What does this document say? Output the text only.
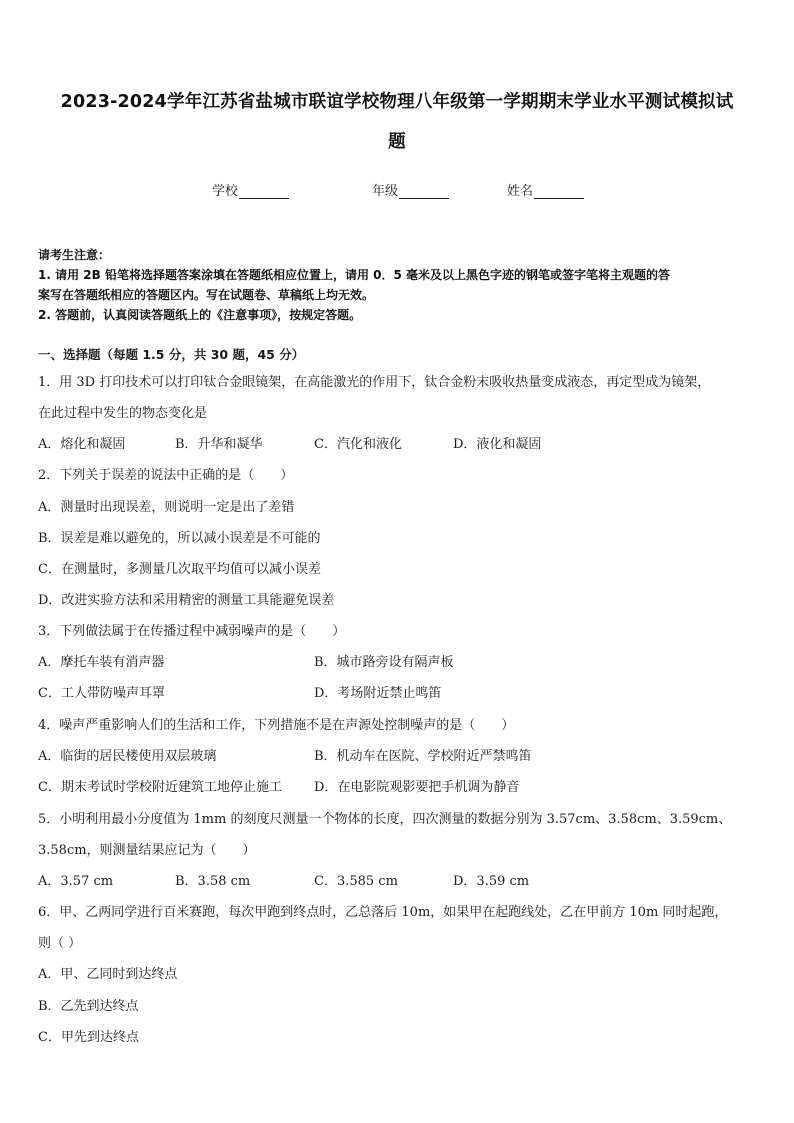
2023-2024学年江苏省盐城市联谊学校物理八年级第一学期期末学业水平测试模拟试
题
学校	年级	姓名
请考生注意：
1. 请用 2B 铅笔将选择题答案涂填在答题纸相应位置上，请用 0．5 毫米及以上黑色字迹的钢笔或签字笔将主观题的答
案写在答题纸相应的答题区内。写在试题卷、草稿纸上均无效。
2. 答题前，认真阅读答题纸上的《注意事项》，按规定答题。
一、选择题（每题 1.5 分，共 30 题，45 分）
1．用 3D 打印技术可以打印钛合金眼镜架，在高能激光的作用下，钛合金粉末吸收热量变成液态，再定型成为镜架，
在此过程中发生的物态变化是
A．熔化和凝固	B．升华和凝华	C．汽化和液化	D．液化和凝固
2．下列关于误差的说法中正确的是（　　）
A．测量时出现误差，则说明一定是出了差错
B．误差是难以避免的，所以减小误差是不可能的
C．在测量时，多测量几次取平均值可以减小误差
D．改进实验方法和采用精密的测量工具能避免误差
3．下列做法属于在传播过程中减弱噪声的是（　　）
A．摩托车装有消声器	B．城市路旁设有隔声板
C．工人带防噪声耳罩	D．考场附近禁止鸣笛
4．噪声严重影响人们的生活和工作，下列措施不是在声源处控制噪声的是（　　）
A．临街的居民楼使用双层玻璃	B．机动车在医院、学校附近严禁鸣笛
C．期末考试时学校附近建筑工地停止施工 D．在电影院观影要把手机调为静音
5．小明利用最小分度值为 1mm 的刻度尺测量一个物体的长度，四次测量的数据分别为 3.57cm、3.58cm、3.59cm、
3.58cm，则测量结果应记为（　　）
A．3.57 cm	B．3.58 cm	C．3.585 cm	D．3.59 cm
6．甲、乙两同学进行百米赛跑，每次甲跑到终点时，乙总落后 10m，如果甲在起跑线处，乙在甲前方 10m 同时起跑，
则（ ）
A．甲、乙同时到达终点
B．乙先到达终点
C．甲先到达终点
